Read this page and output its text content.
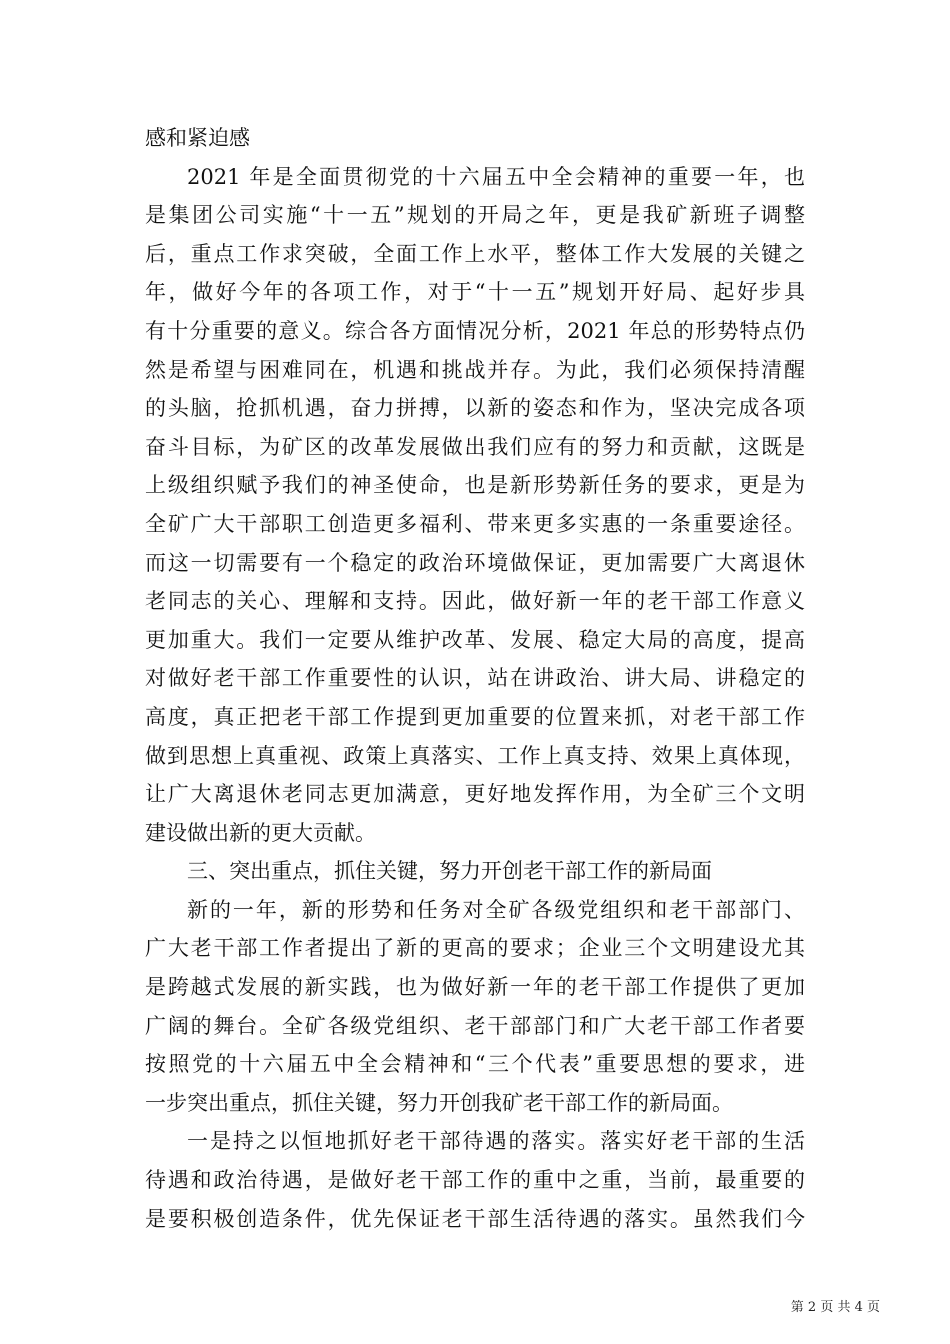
感和紧迫感
2021 年是全面贯彻党的十六届五中全会精神的重要一年，也
是集团公司实施“十一五”规划的开局之年，更是我矿新班子调整
后，重点工作求突破，全面工作上水平，整体工作大发展的关键之
年，做好今年的各项工作，对于“十一五”规划开好局、起好步具
有十分重要的意义。综合各方面情况分析，2021 年总的形势特点仍
然是希望与困难同在，机遇和挑战并存。为此，我们必须保持清醒
的头脑，抢抓机遇，奋力拼搏，以新的姿态和作为，坚决完成各项
奋斗目标，为矿区的改革发展做出我们应有的努力和贡献，这既是
上级组织赋予我们的神圣使命，也是新形势新任务的要求，更是为
全矿广大干部职工创造更多福利、带来更多实惠的一条重要途径。
而这一切需要有一个稳定的政治环境做保证，更加需要广大离退休
老同志的关心、理解和支持。因此，做好新一年的老干部工作意义
更加重大。我们一定要从维护改革、发展、稳定大局的高度，提高
对做好老干部工作重要性的认识，站在讲政治、讲大局、讲稳定的
高度，真正把老干部工作提到更加重要的位置来抓，对老干部工作
做到思想上真重视、政策上真落实、工作上真支持、效果上真体现，
让广大离退休老同志更加满意，更好地发挥作用，为全矿三个文明
建设做出新的更大贡献。
三、突出重点，抓住关键，努力开创老干部工作的新局面
新的一年，新的形势和任务对全矿各级党组织和老干部部门、
广大老干部工作者提出了新的更高的要求；企业三个文明建设尤其
是跨越式发展的新实践，也为做好新一年的老干部工作提供了更加
广阔的舞台。全矿各级党组织、老干部部门和广大老干部工作者要
按照党的十六届五中全会精神和“三个代表”重要思想的要求，进
一步突出重点，抓住关键，努力开创我矿老干部工作的新局面。
一是持之以恒地抓好老干部待遇的落实。落实好老干部的生活
待遇和政治待遇，是做好老干部工作的重中之重，当前，最重要的
是要积极创造条件，优先保证老干部生活待遇的落实。虽然我们今
第 2 页 共 4 页
